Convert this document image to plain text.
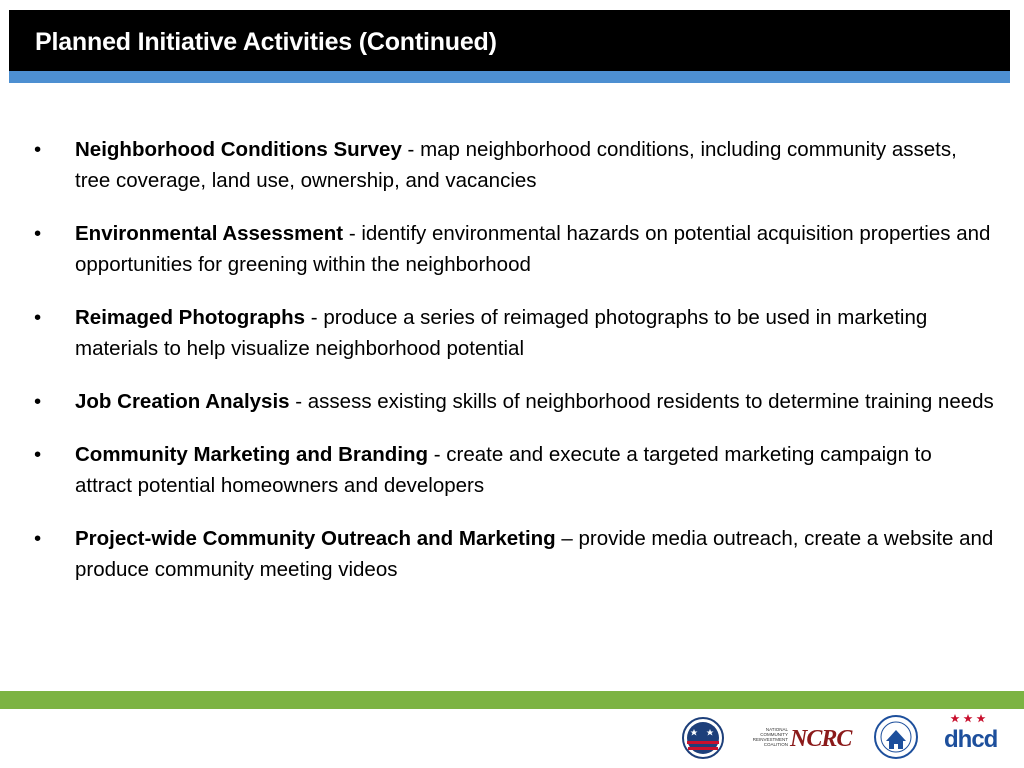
Planned Initiative Activities (Continued)
•	Neighborhood Conditions Survey - map neighborhood conditions, including community assets, tree coverage, land use, ownership, and vacancies
•	Environmental Assessment - identify environmental hazards on potential acquisition properties and opportunities for greening within the neighborhood
•	Reimaged Photographs - produce a series of reimaged photographs to be used in marketing materials to help visualize neighborhood potential
•	Job Creation Analysis - assess existing skills of neighborhood residents to determine training needs
•	Community Marketing and Branding - create and execute a targeted marketing campaign to attract potential homeowners and developers
•	Project-wide Community Outreach and Marketing – provide media outreach, create a website and produce community meeting videos
NATIONAL COMMUNITY REINVESTMENT COALITION NCRC	dhcd
